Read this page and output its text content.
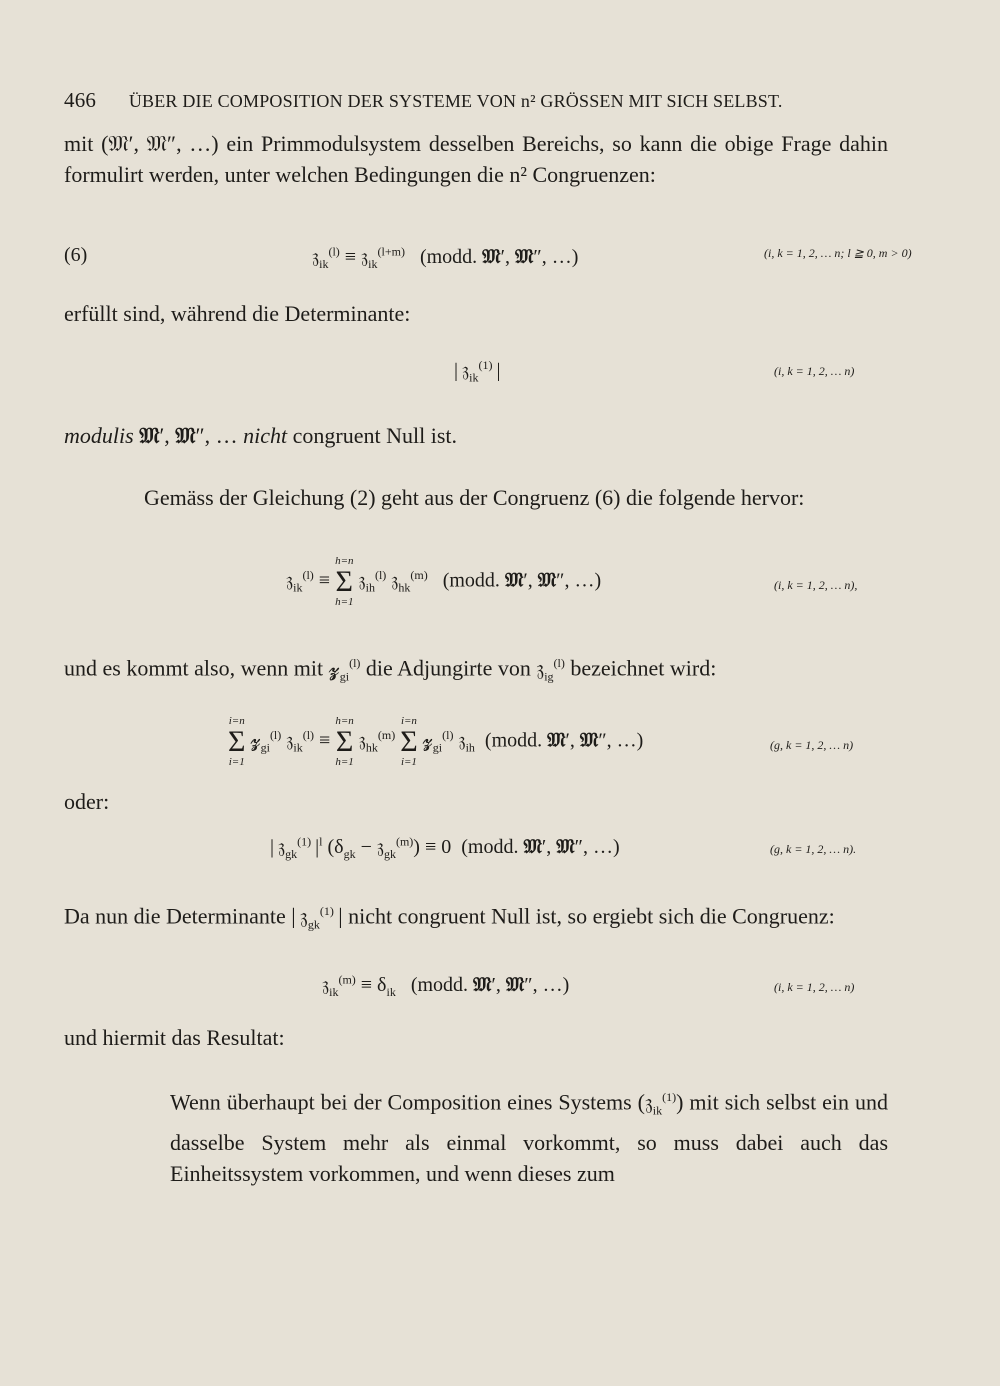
466 ÜBER DIE COMPOSITION DER SYSTEME VON n² GRÖSSEN MIT SICH SELBST.
mit (𝔐′, 𝔐″, …) ein Primmodulsystem desselben Bereichs, so kann die obige Frage dahin formulirt werden, unter welchen Bedingungen die n² Congruenzen:
(6)	𝔷$_{ik}^{(l)}$ ≡ 𝔷$_{ik}^{(l+m)}$   (modd. 𝔐′, 𝔐″, …)	(i, k = 1, 2, … n; l ≧ 0, m > 0)
erfüllt sind, während die Determinante:
| 𝔷$_{ik}^{(1)}$ |	(i, k = 1, 2, … n)
modulis 𝔐′, 𝔐″, … nicht congruent Null ist.
Gemäss der Gleichung (2) geht aus der Congruenz (6) die folgende hervor:
𝔷$_{ik}^{(l)}$ ≡
h=n
Σ
h=1
𝔷$_{ih}^{(l)}$ 𝔷$_{hk}^{(m)}$   (modd. 𝔐′, 𝔐″, …)	(i, k = 1, 2, … n),
und es kommt also, wenn mit 𝔃$_{gi}^{(l)}$ die Adjungirte von 𝔷$_{ig}^{(l)}$ bezeichnet wird:
i=n
Σ
i=1
𝔃$_{gi}^{(l)}$ 𝔷$_{ik}^{(l)}$ ≡
h=n
Σ
h=1
𝔷$_{hk}^{(m)}$
i=n
Σ
i=1
𝔃$_{gi}^{(l)}$ 𝔷$_{ih}$  (modd. 𝔐′, 𝔐″, …)	(g, k = 1, 2, … n)
oder:
| 𝔷$_{gk}^{(1)}$ $|^l$ ($\delta_{gk}$ − 𝔷$_{gk}^{(m)}$) ≡ 0  (modd. 𝔐′, 𝔐″, …)	(g, k = 1, 2, … n).
Da nun die Determinante | 𝔷$_{gk}^{(1)}$ | nicht congruent Null ist, so ergiebt sich die Congruenz:
𝔷$_{ik}^{(m)}$ ≡ $\delta_{ik}$   (modd. 𝔐′, 𝔐″, …)	(i, k = 1, 2, … n)
und hiermit das Resultat:
Wenn überhaupt bei der Composition eines Systems (𝔷$_{ik}^{(1)}$) mit sich selbst ein und dasselbe System mehr als einmal vorkommt, so muss dabei auch das Einheitssystem vorkommen, und wenn dieses zum
